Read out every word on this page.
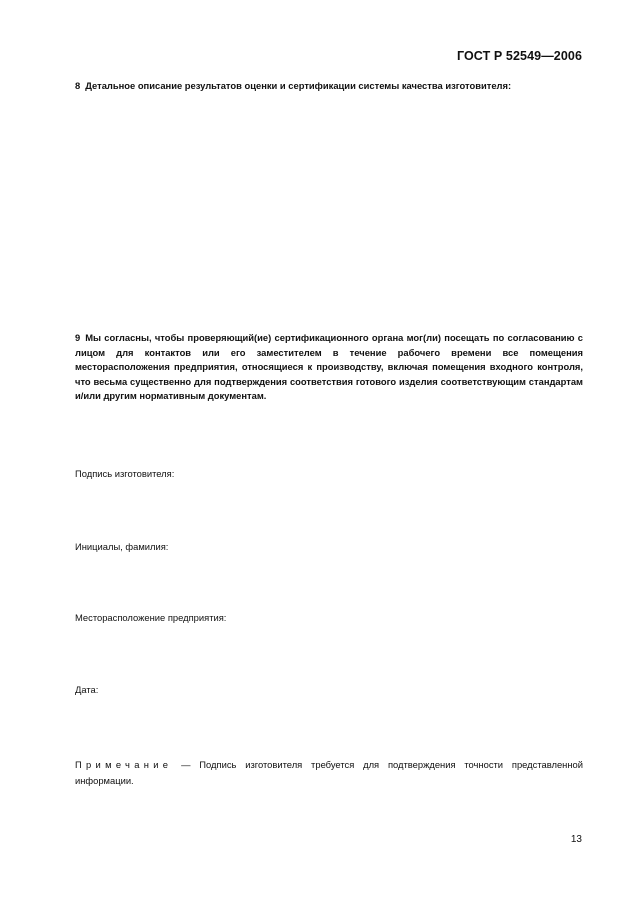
ГОСТ Р 52549—2006
8 Детальное описание результатов оценки и сертификации системы качества изготовителя:
9 Мы согласны, чтобы проверяющий(ие) сертификационного органа мог(ли) посещать по согласованию с лицом для контактов или его заместителем в течение рабочего времени все помещения месторасположения предприятия, относящиеся к производству, включая помещения входного контроля, что весьма существенно для подтверждения соответствия готового изделия соответствующим стандартам и/или другим нормативным документам.
Подпись изготовителя:
Инициалы, фамилия:
Месторасположение предприятия:
Дата:
Примечание — Подпись изготовителя требуется для подтверждения точности представленной информации.
13
